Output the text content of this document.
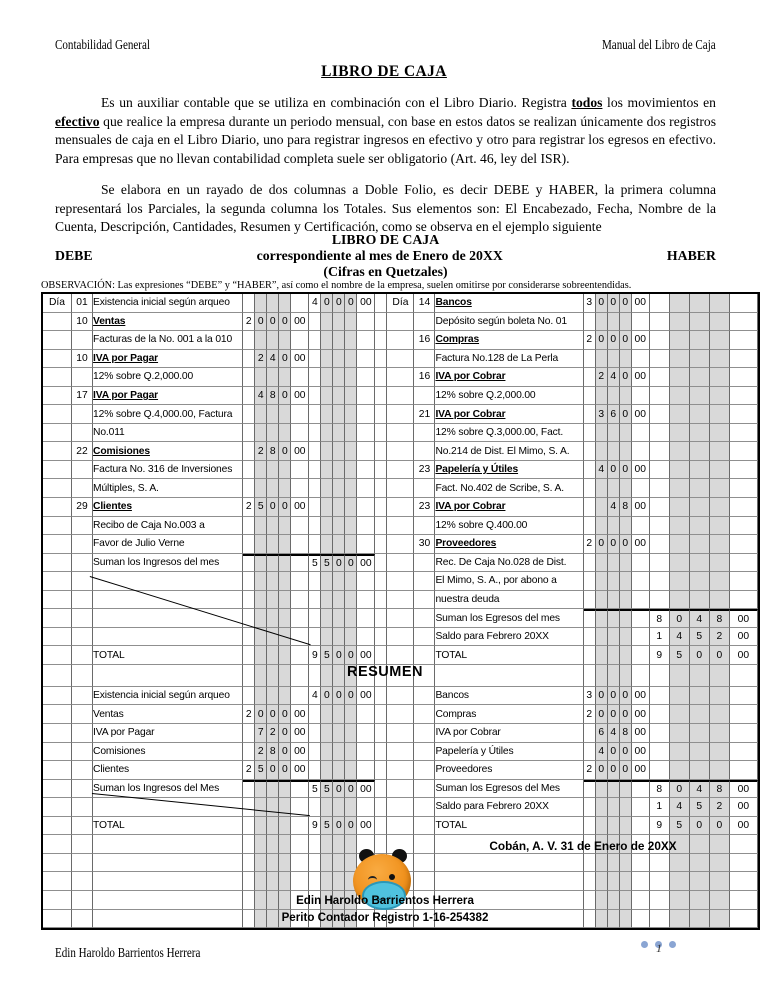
Contabilidad General	Manual del Libro de Caja
LIBRO DE CAJA
Es un auxiliar contable que se utiliza en combinación con el Libro Diario. Registra todos los movimientos en efectivo que realice la empresa durante un periodo mensual, con base en estos datos se realizan únicamente dos registros mensuales de caja en el Libro Diario, uno para registrar ingresos en efectivo y otro para registrar los egresos en efectivo. Para empresas que no llevan contabilidad completa suele ser obligatorio (Art. 46, ley del ISR).
Se elabora en un rayado de dos columnas a Doble Folio, es decir DEBE y HABER, la primera columna representará los Parciales, la segunda columna los Totales. Sus elementos son: El Encabezado, Fecha, Nombre de la Cuenta, Descripción, Cantidades, Resumen y Certificación, como se observa en el ejemplo siguiente
LIBRO DE CAJA
DEBE	correspondiente al mes de Enero de 20XX	HABER
(Cifras en Quetzales)
OBSERVACIÓN: Las expresiones “DEBE” y “HABER”, así como el nombre de la empresa, suelen omitirse por considerarse sobreentendidas.
Día	01	Existencia inicial según arqueo						4	0	0	0	00		Día	14	Bancos	3	0	0	0	00					
	10	Ventas	2	0	0	0	00									Depósito según boleta No. 01										
		Facturas de la No. 001 a la 010													16	Compras	2	0	0	0	00					
	10	IVA por Pagar		2	4	0	00									Factura No.128 de La Perla										
		12% sobre Q.2,000.00													16	IVA por Cobrar		2	4	0	00					
	17	IVA por Pagar		4	8	0	00									12% sobre Q.2,000.00										
		12% sobre Q.4,000.00, Factura													21	IVA por Cobrar		3	6	0	00					
		No.011														12% sobre Q.3,000.00, Fact.										
	22	Comisiones		2	8	0	00									No.214 de Dist. El Mimo, S. A.										
		Factura No. 316 de Inversiones													23	Papelería y Útiles		4	0	0	00					
		Múltiples, S. A.														Fact. No.402 de Scribe, S. A.										
	29	Clientes	2	5	0	0	00								23	IVA por Cobrar			4	8	00					
		Recibo de Caja No.003 a														12% sobre Q.400.00										
		Favor de Julio Verne													30	Proveedores	2	0	0	0	00					
		Suman los Ingresos del mes						5	5	0	0	00				Rec. De Caja No.028 de Dist.										
																El Mimo, S. A., por abono a										
																nuestra deuda										
																Suman los Egresos del mes						8	0	4	8	00
																Saldo para Febrero 20XX						1	4	5	2	00
		TOTAL						9	5	0	0	00				TOTAL						9	5	0	0	00

		Existencia inicial según arqueo						4	0	0	0	00				Bancos	3	0	0	0	00					
		Ventas	2	0	0	0	00									Compras	2	0	0	0	00					
		IVA por Pagar		7	2	0	00									IVA por Cobrar		6	4	8	00					
		Comisiones		2	8	0	00									Papelería y Útiles		4	0	0	00					
		Clientes	2	5	0	0	00									Proveedores	2	0	0	0	00					
		Suman los Ingresos del Mes						5	5	0	0	00				Suman los Egresos del Mes						8	0	4	8	00
																Saldo para Febrero 20XX						1	4	5	2	00
		TOTAL						9	5	0	0	00				TOTAL						9	5	0	0	00

RESUMEN
Cobán, A. V. 31 de Enero de 20XX
Edin Haroldo Barrientos Herrera
Perito Contador Registro 1-16-254382
Edin Haroldo Barrientos Herrera	1
